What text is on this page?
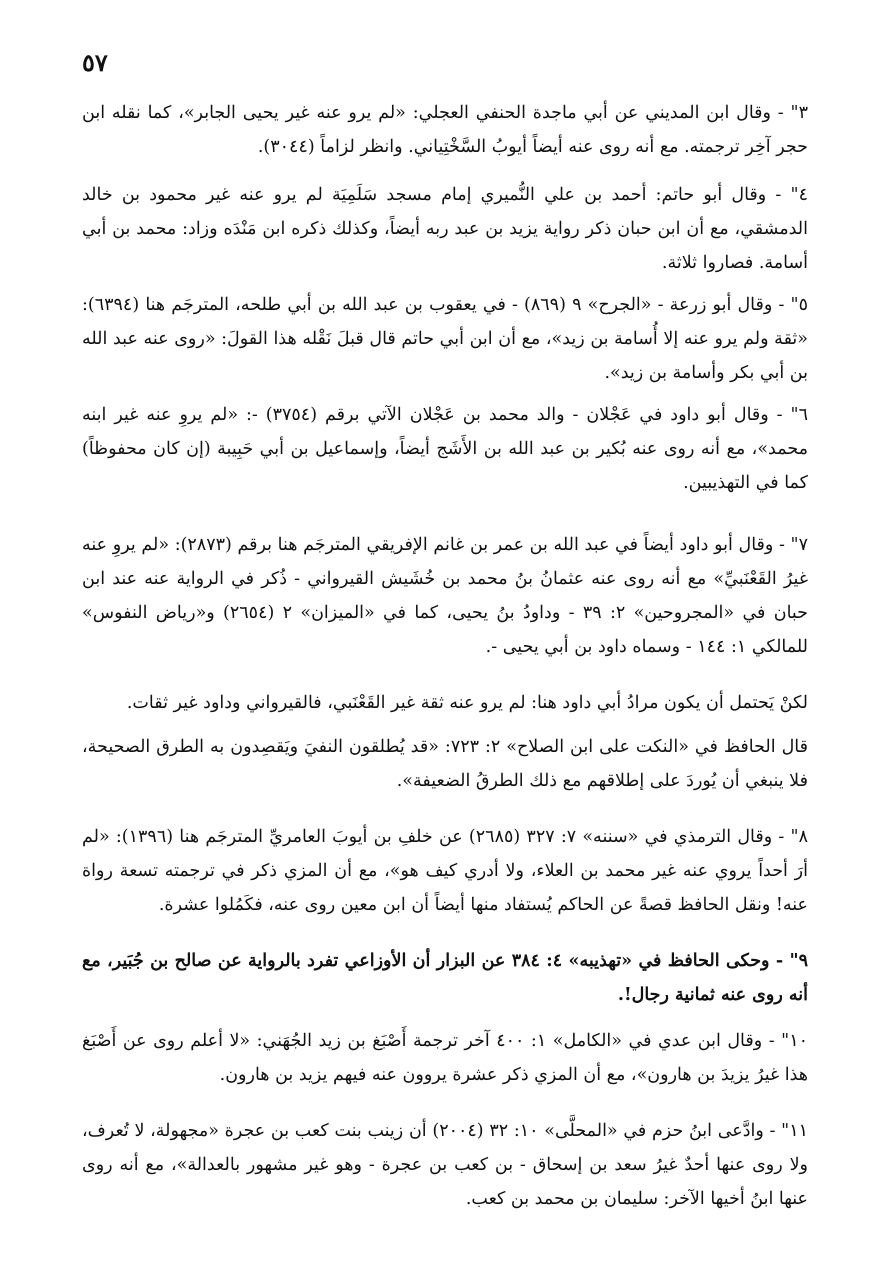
٥٧

٣" - وقال ابن المديني عن أبي ماجدة الحنفي العجلي: «لم يرو عنه غير يحيى الجابر»، كما نقله ابن حجر آخِر ترجمته. مع أنه روى عنه أيضاً أيوبُ السَّخْتِياني. وانظر لزاماً (٣٠٤٤).

٤" - وقال أبو حاتم: أحمد بن علي النُّميري إمام مسجد سَلَمِيَة لم يرو عنه غير محمود بن خالد الدمشقي، مع أن ابن حبان ذكر رواية يزيد بن عبد ربه أيضاً، وكذلك ذكره ابن مَنْدَه وزاد: محمد بن أبي أسامة. فصاروا ثلاثة.

٥" - وقال أبو زرعة - «الجرح» ٩ (٨٦٩) - في يعقوب بن عبد الله بن أبي طلحه، المترجَم هنا (٦٣٩٤): «ثقة ولم يرو عنه إلا أُسامة بن زيد»، مع أن ابن أبي حاتم قال قبلَ نَقْله هذا القولَ: «روى عنه عبد الله بن أبي بكر وأسامة بن زيد».

٦" - وقال أبو داود في عَجْلان - والد محمد بن عَجْلان الآتي برقم (٣٧٥٤) -: «لم يروِ عنه غير ابنه محمد»، مع أنه روى عنه بُكير بن عبد الله بن الأَشَج أيضاً، وإسماعيل بن أبي حَبِيبة (إن كان محفوظاً) كما في التهذيبين.

٧" - وقال أبو داود أيضاً في عبد الله بن عمر بن غانم الإفريقي المترجَم هنا برقم (٢٨٧٣): «لم يروِ عنه غيرُ القَعْنَبيِّ» مع أنه روى عنه عثمانُ بنُ محمد بن خُشَيش القيرواني - ذُكر في الرواية عنه عند ابن حبان في «المجروحين» ٢: ٣٩ - وداودُ بنُ يحيى، كما في «الميزان» ٢ (٢٦٥٤) و«رياض النفوس» للمالكي ١: ١٤٤ - وسماه داود بن أبي يحيى -.

لكنْ يَحتمل أن يكون مرادُ أبي داود هنا: لم يرو عنه ثقة غير القَعْنَبي، فالقيرواني وداود غير ثقات.

قال الحافظ في «النكت على ابن الصلاح» ٢: ٧٢٣: «قد يُطلقون النفيَ ويَقصِدون به الطرق الصحيحة، فلا ينبغي أن يُوردَ على إطلاقهم مع ذلك الطرقُ الضعيفة».

٨" - وقال الترمذي في «سننه» ٧: ٣٢٧ (٢٦٨٥) عن خلفِ بن أيوبَ العامريِّ المترجَم هنا (١٣٩٦): «لم أرَ أحداً يروي عنه غير محمد بن العلاء، ولا أدري كيف هو»، مع أن المزي ذكر في ترجمته تسعة رواة عنه! ونقل الحافظ قصةً عن الحاكم يُستفاد منها أيضاً أن ابن معين روى عنه، فكَمُلوا عشرة.

٩" - وحكى الحافظ في «تهذيبه» ٤: ٣٨٤ عن البزار أن الأوزاعي تفرد بالرواية عن صالح بن جُبَير، مع أنه روى عنه ثمانية رجال!.

١٠" - وقال ابن عدي في «الكامل» ١: ٤٠٠ آخر ترجمة أَصْبَغ بن زيد الجُهَني: «لا أعلم روى عن أَصْبَغ هذا غيرُ يزيدَ بن هارون»، مع أن المزي ذكر عشرة يروون عنه فيهم يزيد بن هارون.

١١" - وادَّعى ابنُ حزم في «المحلَّى» ١٠: ٣٢ (٢٠٠٤) أن زينب بنت كعب بن عجرة «مجهولة، لا تُعرف، ولا روى عنها أحدٌ غيرُ سعد بن إسحاق - بن كعب بن عجرة - وهو غير مشهور بالعدالة»، مع أنه روى عنها ابنُ أخيها الآخر: سليمان بن محمد بن كعب.
